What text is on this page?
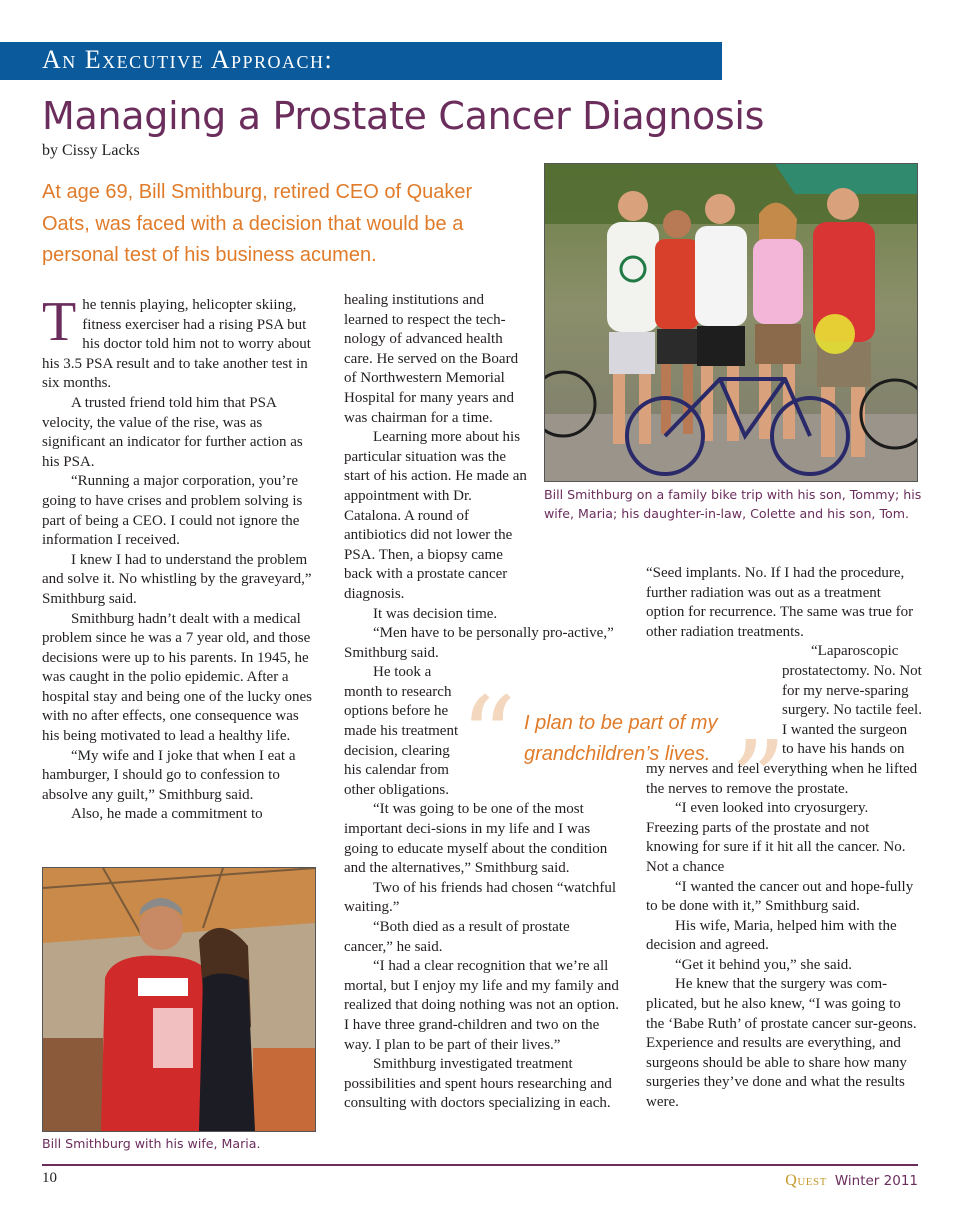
An Executive Approach:
Managing a Prostate Cancer Diagnosis
by Cissy Lacks

At age 69, Bill Smithburg, retired CEO of Quaker Oats, was faced with a decision that would be a personal test of his business acumen.

Bill Smithburg on a family bike trip with his son, Tommy; his wife, Maria; his daughter-in-law, Colette and his son, Tom.

The tennis playing, helicopter skiing, fitness exerciser had a rising PSA but his doctor told him not to worry about his 3.5 PSA result and to take another test in six months.

A trusted friend told him that PSA velocity, the value of the rise, was as significant an indicator for further action as his PSA.

“Running a major corporation, you’re going to have crises and problem solving is part of being a CEO. I could not ignore the information I received.

I knew I had to understand the problem and solve it. No whistling by the graveyard,” Smithburg said.

Smithburg hadn’t dealt with a medical problem since he was a 7 year old, and those decisions were up to his parents. In 1945, he was caught in the polio epidemic. After a hospital stay and being one of the lucky ones with no after effects, one consequence was his being motivated to lead a healthy life.

“My wife and I joke that when I eat a hamburger, I should go to confession to absolve any guilt,” Smithburg said.

Also, he made a commitment to

Bill Smithburg with his wife, Maria.

healing institutions and learned to respect the tech-nology of advanced health care. He served on the Board of Northwestern Memorial Hospital for many years and was chairman for a time.

Learning more about his particular situation was the start of his action. He made an appointment with Dr. Catalona. A round of antibiotics did not lower the PSA. Then, a biopsy came back with a prostate cancer diagnosis.

It was decision time.

“Men have to be personally pro-active,” Smithburg said.

He took a month to research options before he made his treatment decision, clearing his calendar from other obligations.

“It was going to be one of the most important deci-sions in my life and I was going to educate myself about the condition and the alternatives,” Smithburg said.

Two of his friends had chosen “watchful waiting.”

“Both died as a result of prostate cancer,” he said.

“I had a clear recognition that we’re all mortal, but I enjoy my life and my family and realized that doing nothing was not an option. I have three grand-children and two on the way. I plan to be part of their lives.”

Smithburg investigated treatment possibilities and spent hours researching and consulting with doctors specializing in each.

“Seed implants. No. If I had the procedure, further radiation was out as a treatment option for recurrence. The same was true for other radiation treatments.

“Laparoscopic prostatectomy. No. Not for my nerve-sparing surgery. No tactile feel. I wanted the surgeon to have his hands on my nerves and feel everything when he lifted the nerves to remove the prostate.

“I even looked into cryosurgery. Freezing parts of the prostate and not knowing for sure if it hit all the cancer. No. Not a chance

“I wanted the cancer out and hope-fully to be done with it,” Smithburg said.

His wife, Maria, helped him with the decision and agreed.

“Get it behind you,” she said.

He knew that the surgery was com-plicated, but he also knew, “I was going to the ‘Babe Ruth’ of prostate cancer sur-geons. Experience and results are everything, and surgeons should be able to share how many surgeries they’ve done and what the results were.

“ ”
I plan to be part of my grandchildren’s lives.
10	Quest Winter 2011
